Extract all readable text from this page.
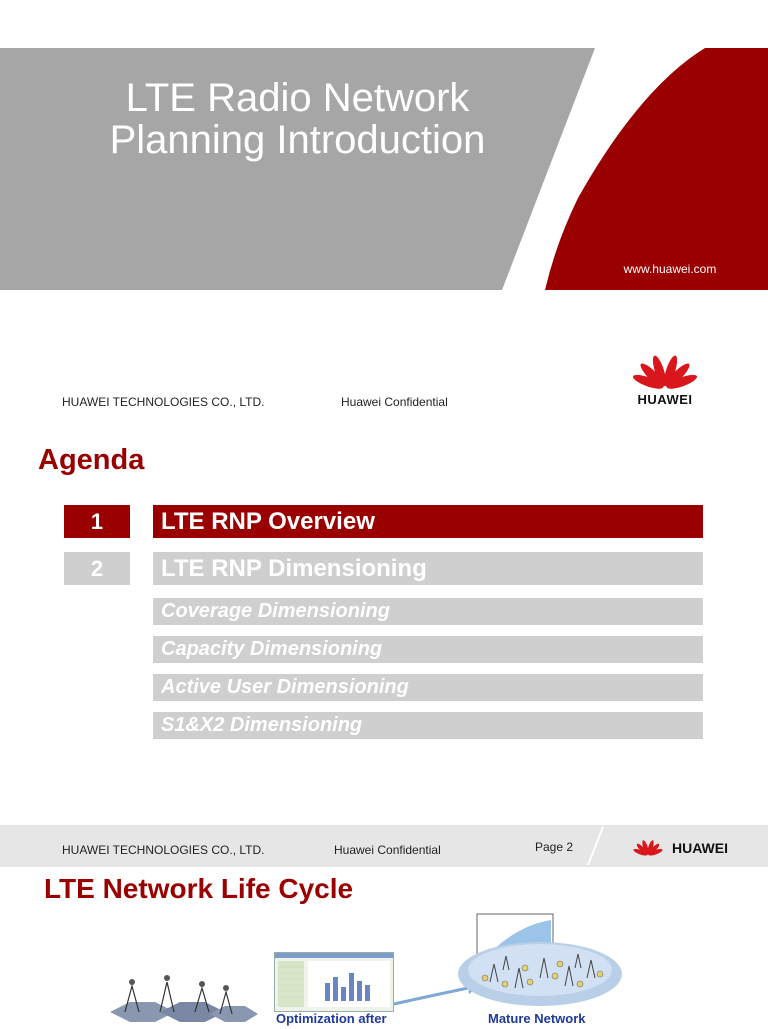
LTE Radio Network
Planning Introduction
www.huawei.com
HUAWEI TECHNOLOGIES CO., LTD.	Huawei Confidential	HUAWEI
Agenda
1	LTE RNP Overview
2	LTE RNP Dimensioning
Coverage Dimensioning
Capacity Dimensioning
Active User Dimensioning
S1&X2 Dimensioning
HUAWEI TECHNOLOGIES CO., LTD.	Huawei Confidential	Page 2	HUAWEI
LTE Network Life Cycle
Optimization after	Mature Network
